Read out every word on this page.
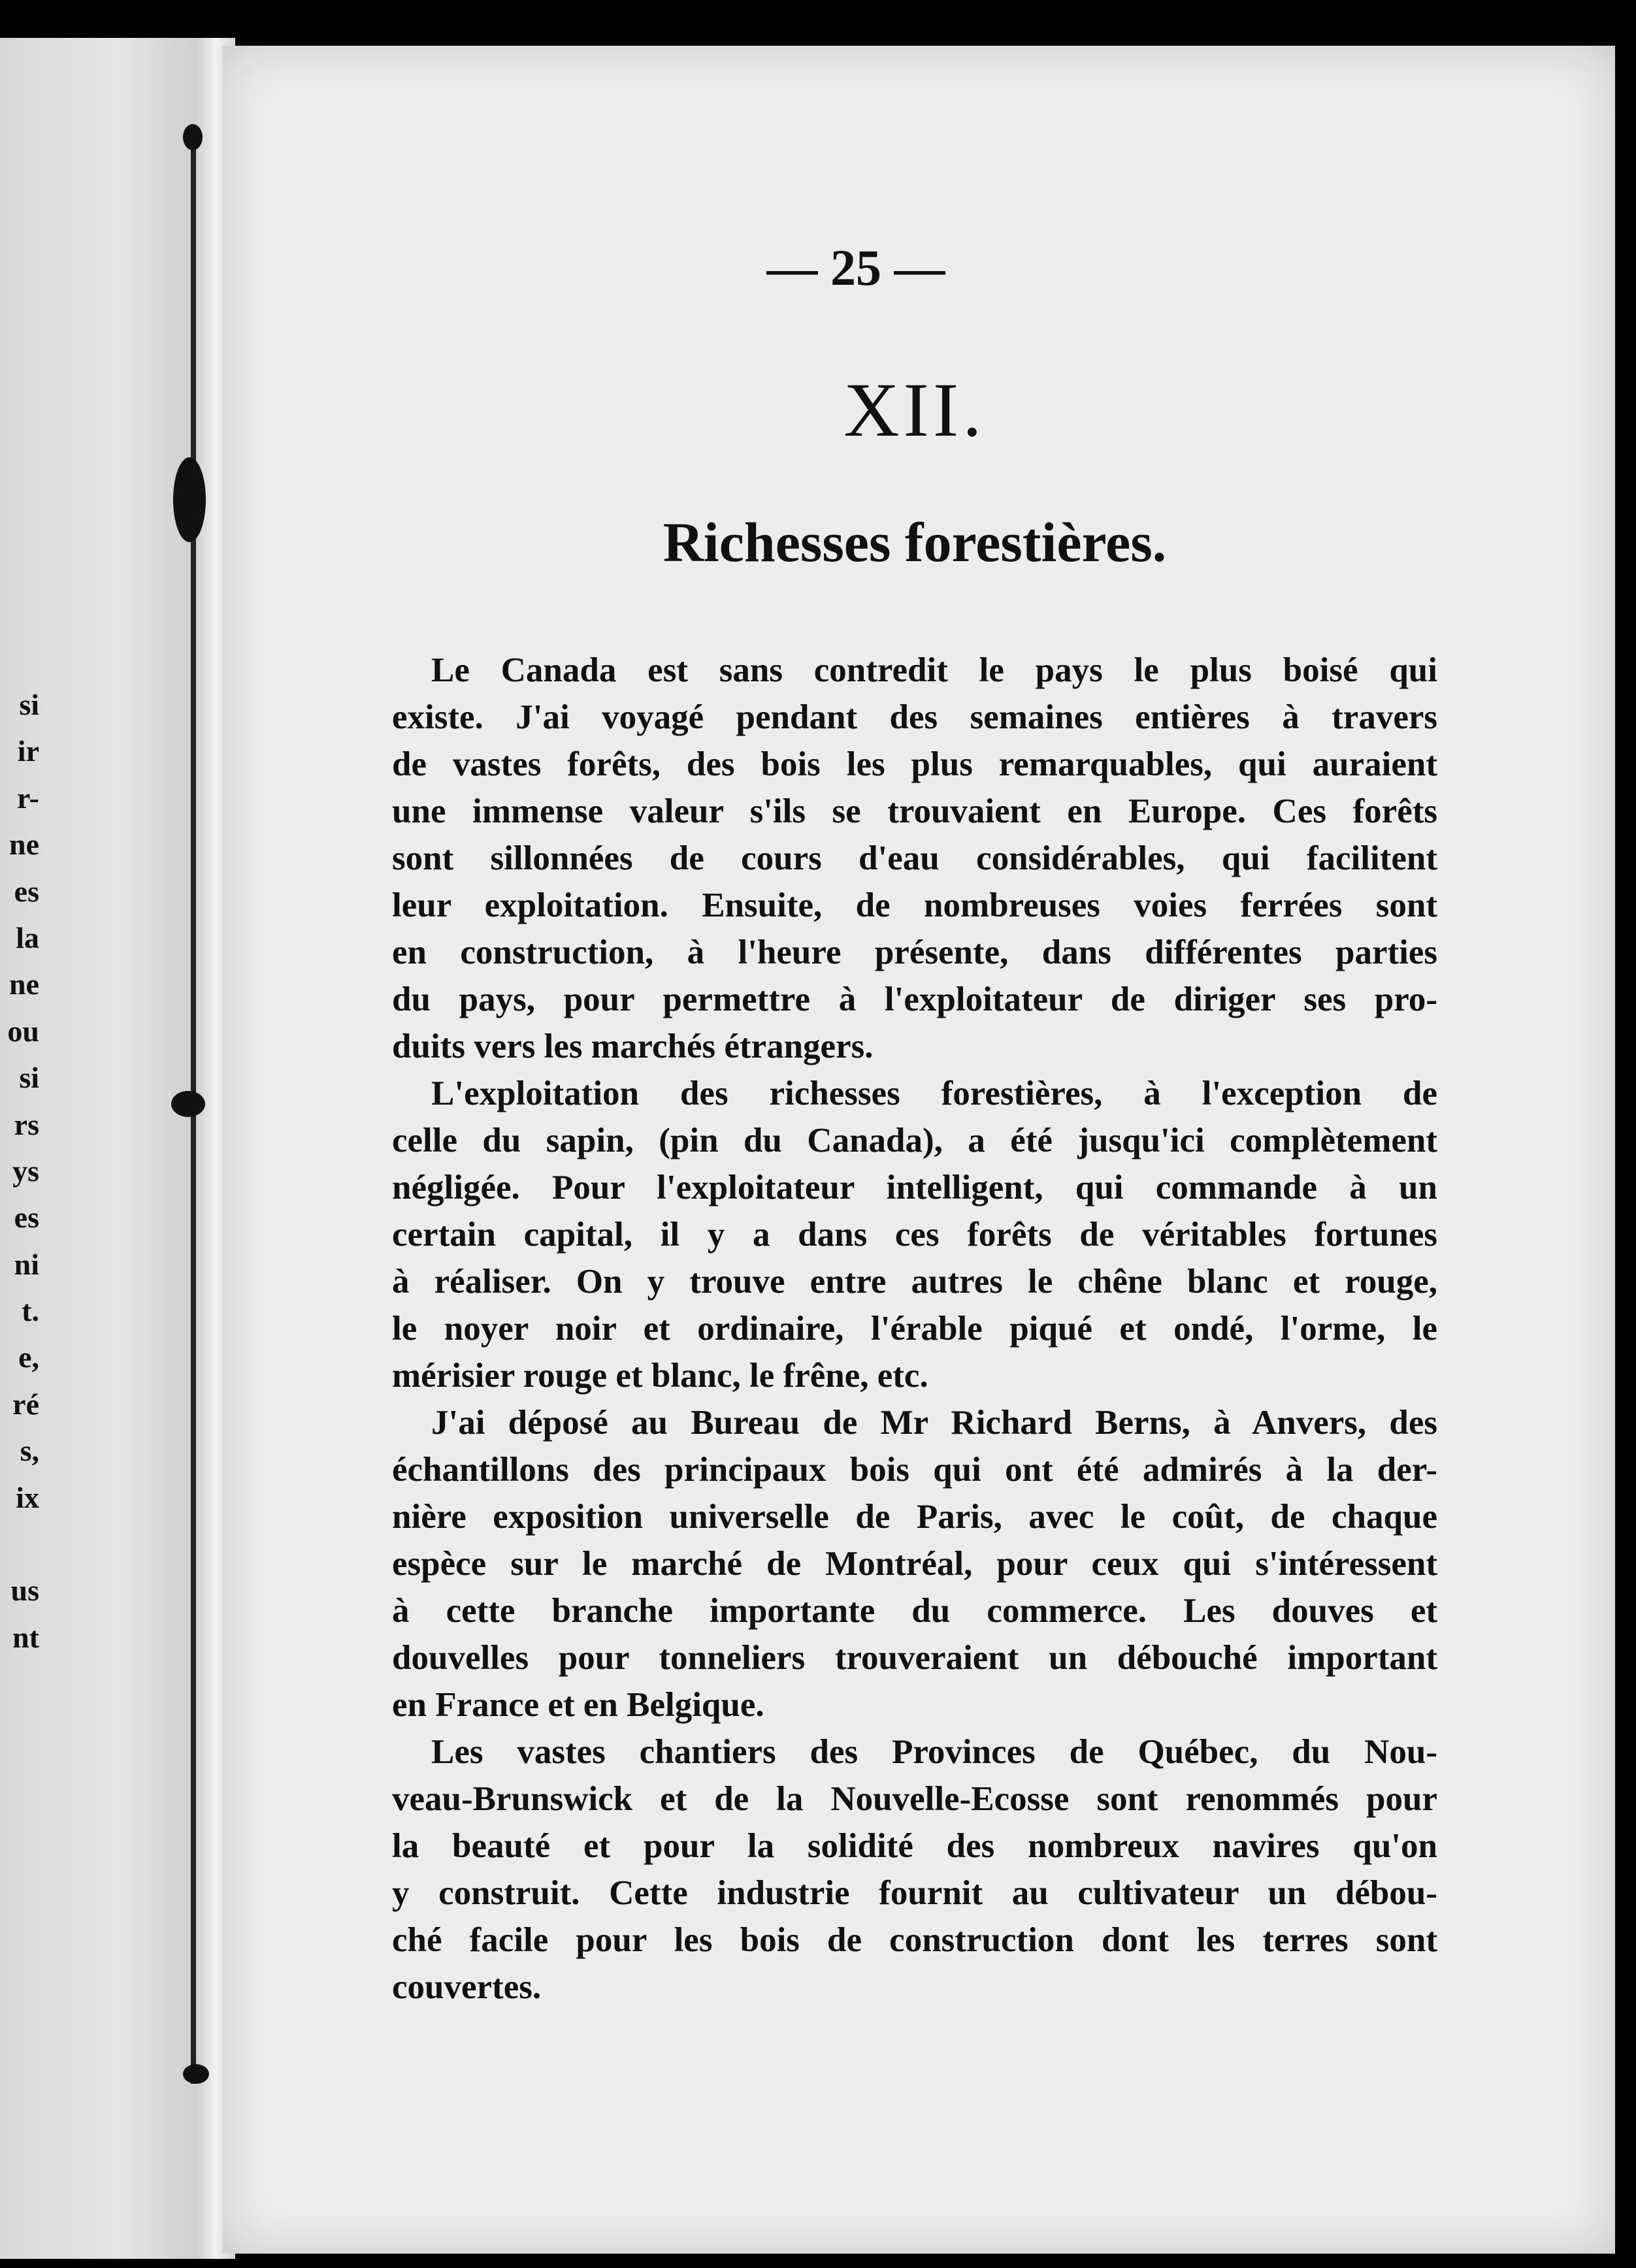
si
ir
r-
ne
es
la
ne
ou
si
rs
ys
es
ni
t.
e,
ré
s,
ix
us
nt
— 25 —
XII.
Richesses forestières.
Le Canada est sans contredit le pays le plus boisé qui
existe. J'ai voyagé pendant des semaines entières à travers
de vastes forêts, des bois les plus remarquables, qui auraient
une immense valeur s'ils se trouvaient en Europe. Ces forêts
sont sillonnées de cours d'eau considérables, qui facilitent
leur exploitation. Ensuite, de nombreuses voies ferrées sont
en construction, à l'heure présente, dans différentes parties
du pays, pour permettre à l'exploitateur de diriger ses pro-
duits vers les marchés étrangers.
L'exploitation des richesses forestières, à l'exception de
celle du sapin, (pin du Canada), a été jusqu'ici complètement
négligée. Pour l'exploitateur intelligent, qui commande à un
certain capital, il y a dans ces forêts de véritables fortunes
à réaliser. On y trouve entre autres le chêne blanc et rouge,
le noyer noir et ordinaire, l'érable piqué et ondé, l'orme, le
mérisier rouge et blanc, le frêne, etc.
J'ai déposé au Bureau de Mr Richard Berns, à Anvers, des
échantillons des principaux bois qui ont été admirés à la der-
nière exposition universelle de Paris, avec le coût, de chaque
espèce sur le marché de Montréal, pour ceux qui s'intéressent
à cette branche importante du commerce. Les douves et
douvelles pour tonneliers trouveraient un débouché important
en France et en Belgique.
Les vastes chantiers des Provinces de Québec, du Nou-
veau-Brunswick et de la Nouvelle-Ecosse sont renommés pour
la beauté et pour la solidité des nombreux navires qu'on
y construit. Cette industrie fournit au cultivateur un débou-
ché facile pour les bois de construction dont les terres sont
couvertes.
